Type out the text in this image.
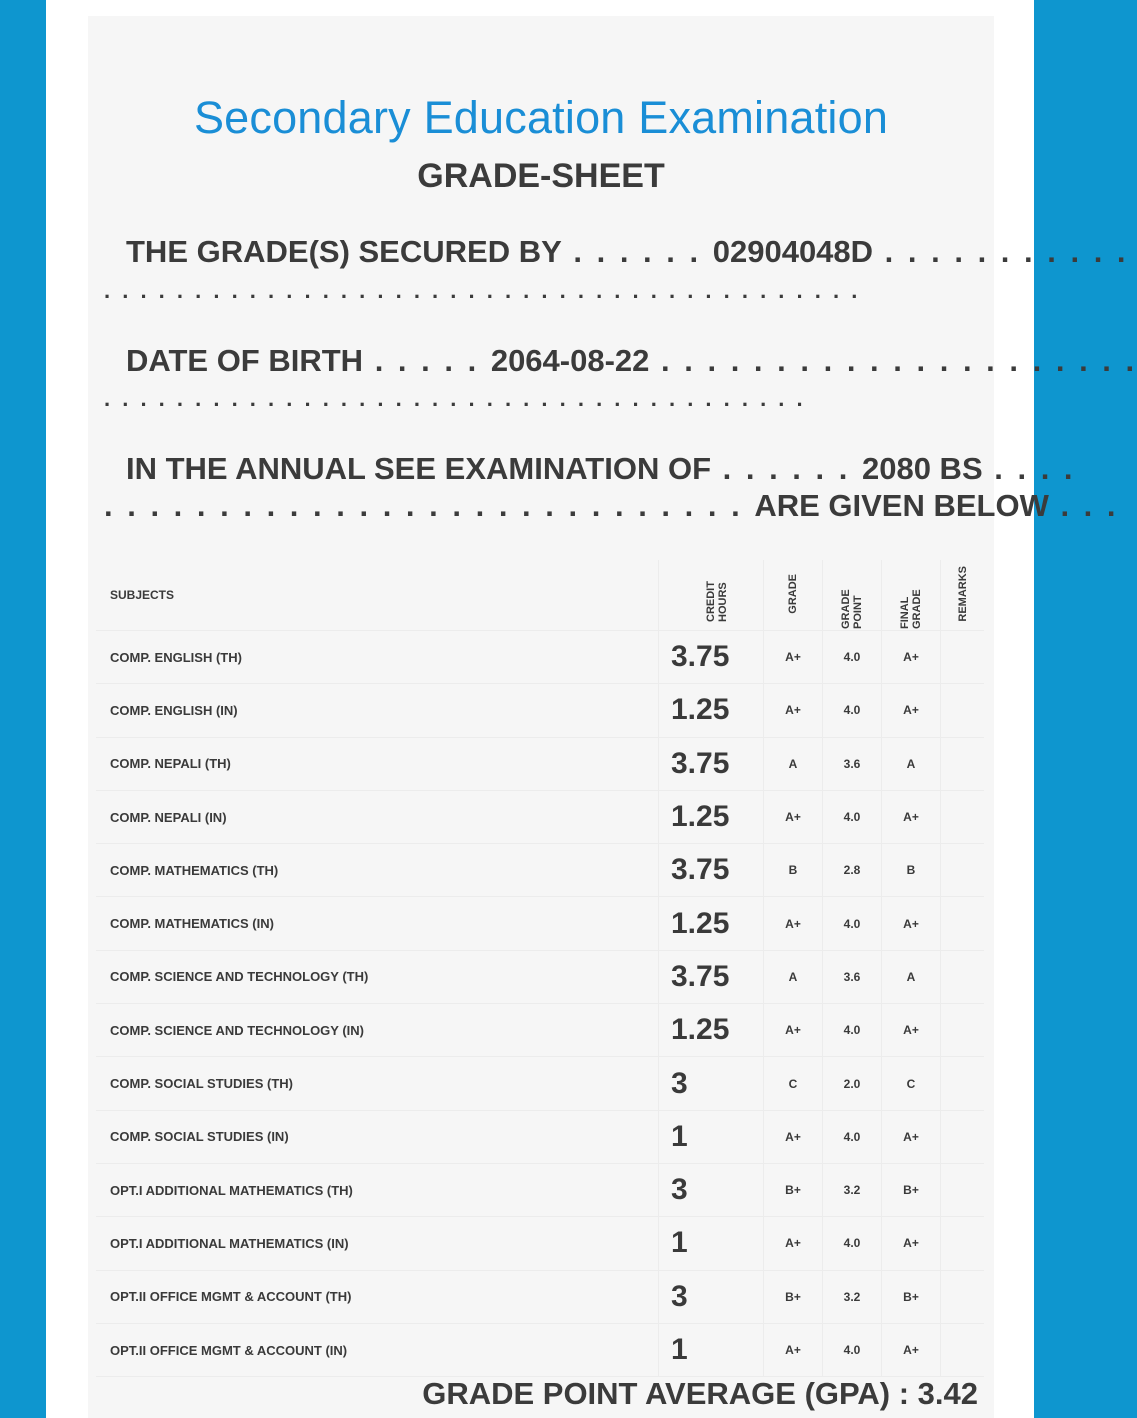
Secondary Education Examination
GRADE-SHEET
THE GRADE(S) SECURED BY . . . . . . 02904048D . . . . . . . . . . .
. . . . . . . . . . . . . . . . . . . . . . . . . . . . . . . . . . . . . . . . . .
DATE OF BIRTH . . . . . 2064-08-22 . . . . . . . . . . . . . . . . . . . . .
. . . . . . . . . . . . . . . . . . . . . . . . . . . . . . . . . . . . . . .
IN THE ANNUAL SEE EXAMINATION OF . . . . . . 2080 BS . . . .
. . . . . . . . . . . . . . . . . . . . . . . . . . . . ARE GIVEN BELOW . . .
SUBJECTS	CREDIT HOURS	GRADE	GRADE POINT	FINAL GRADE	REMARKS
COMP. ENGLISH (TH)	3.75	A+	4.0	A+	
COMP. ENGLISH (IN)	1.25	A+	4.0	A+	
COMP. NEPALI (TH)	3.75	A	3.6	A	
COMP. NEPALI (IN)	1.25	A+	4.0	A+	
COMP. MATHEMATICS (TH)	3.75	B	2.8	B	
COMP. MATHEMATICS (IN)	1.25	A+	4.0	A+	
COMP. SCIENCE AND TECHNOLOGY (TH)	3.75	A	3.6	A	
COMP. SCIENCE AND TECHNOLOGY (IN)	1.25	A+	4.0	A+	
COMP. SOCIAL STUDIES (TH)	3	C	2.0	C	
COMP. SOCIAL STUDIES (IN)	1	A+	4.0	A+	
OPT.I ADDITIONAL MATHEMATICS (TH)	3	B+	3.2	B+	
OPT.I ADDITIONAL MATHEMATICS (IN)	1	A+	4.0	A+	
OPT.II OFFICE MGMT & ACCOUNT (TH)	3	B+	3.2	B+	
OPT.II OFFICE MGMT & ACCOUNT (IN)	1	A+	4.0	A+	
GRADE POINT AVERAGE (GPA) : 3.42
